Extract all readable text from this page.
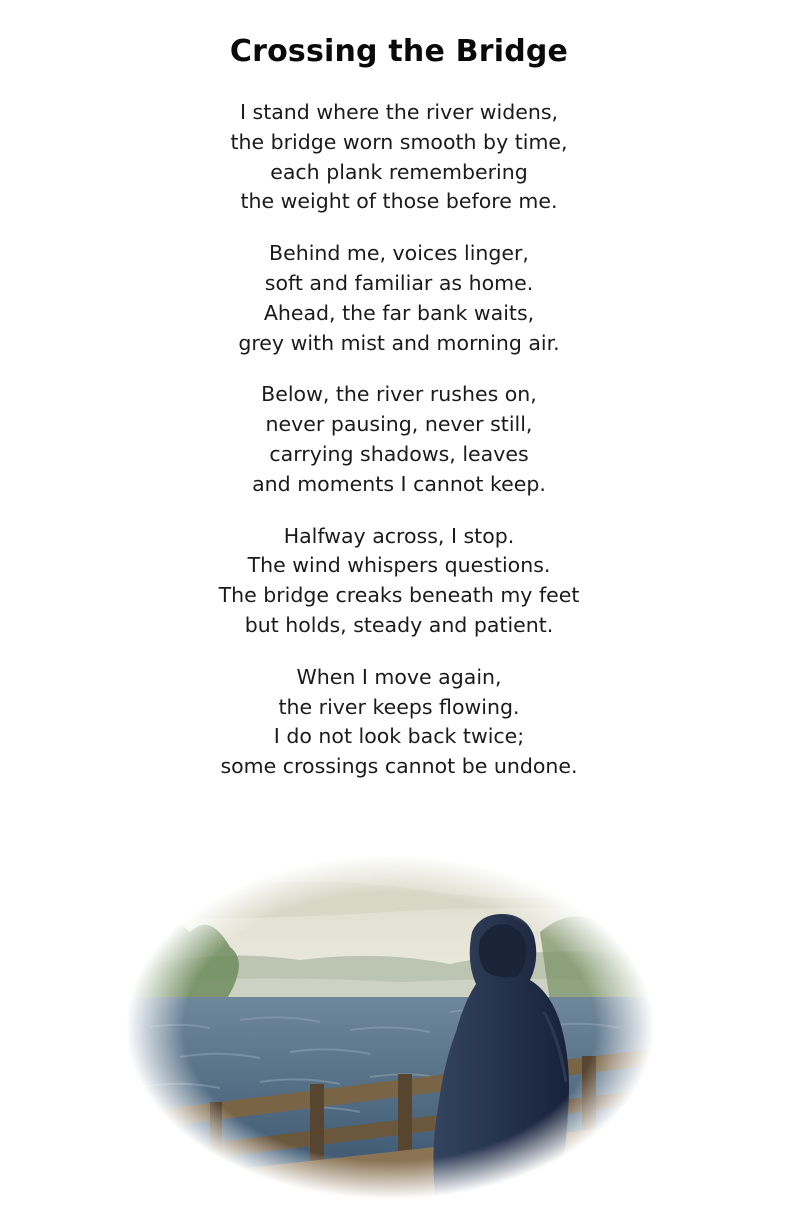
Crossing the Bridge
I stand where the river widens,
the bridge worn smooth by time,
each plank remembering
the weight of those before me.
Behind me, voices linger,
soft and familiar as home.
Ahead, the far bank waits,
grey with mist and morning air.
Below, the river rushes on,
never pausing, never still,
carrying shadows, leaves
and moments I cannot keep.
Halfway across, I stop.
The wind whispers questions.
The bridge creaks beneath my feet
but holds, steady and patient.
When I move again,
the river keeps flowing.
I do not look back twice;
some crossings cannot be undone.
